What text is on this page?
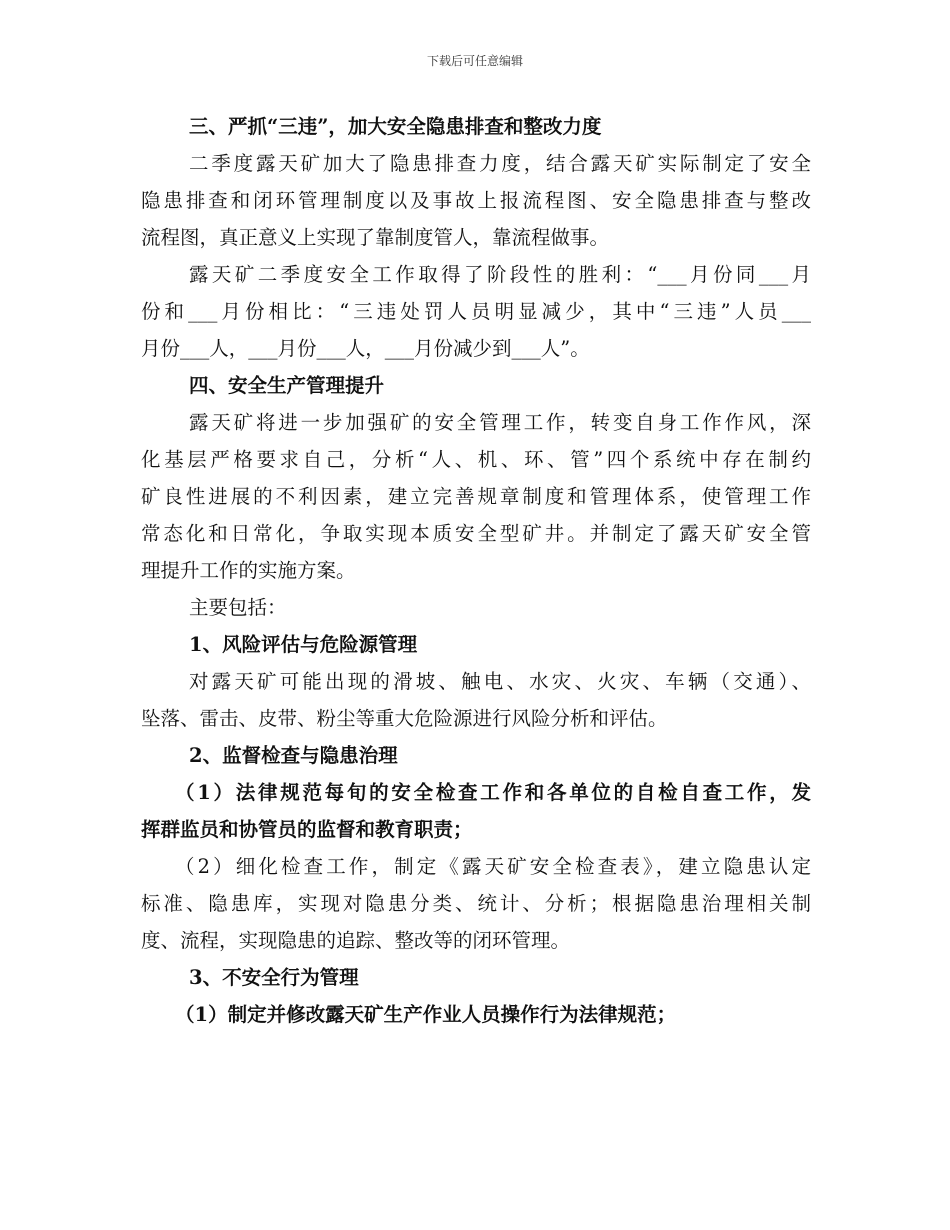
下载后可任意编辑
三、严抓“三违”，加大安全隐患排查和整改力度
二季度露天矿加大了隐患排查力度，结合露天矿实际制定了安全
隐患排查和闭环管理制度以及事故上报流程图、安全隐患排查与整改
流程图，真正意义上实现了靠制度管人，靠流程做事。
露天矿二季度安全工作取得了阶段性的胜利：“___月份同___月
份和___月份相比：“三违处罚人员明显减少，其中“三违”人员___
月份___人，___月份___人，___月份减少到___人”。
四、安全生产管理提升
露天矿将进一步加强矿的安全管理工作，转变自身工作作风，深
化基层严格要求自己，分析“人、机、环、管”四个系统中存在制约
矿良性进展的不利因素，建立完善规章制度和管理体系，使管理工作
常态化和日常化，争取实现本质安全型矿井。并制定了露天矿安全管
理提升工作的实施方案。
主要包括：
1、风险评估与危险源管理
对露天矿可能出现的滑坡、触电、水灾、火灾、车辆（交通）、
坠落、雷击、皮带、粉尘等重大危险源进行风险分析和评估。
2、监督检查与隐患治理
（1）法律规范每旬的安全检查工作和各单位的自检自查工作，发
挥群监员和协管员的监督和教育职责；
（2）细化检查工作，制定《露天矿安全检查表》，建立隐患认定
标准、隐患库，实现对隐患分类、统计、分析；根据隐患治理相关制
度、流程，实现隐患的追踪、整改等的闭环管理。
3、不安全行为管理
（1）制定并修改露天矿生产作业人员操作行为法律规范；
